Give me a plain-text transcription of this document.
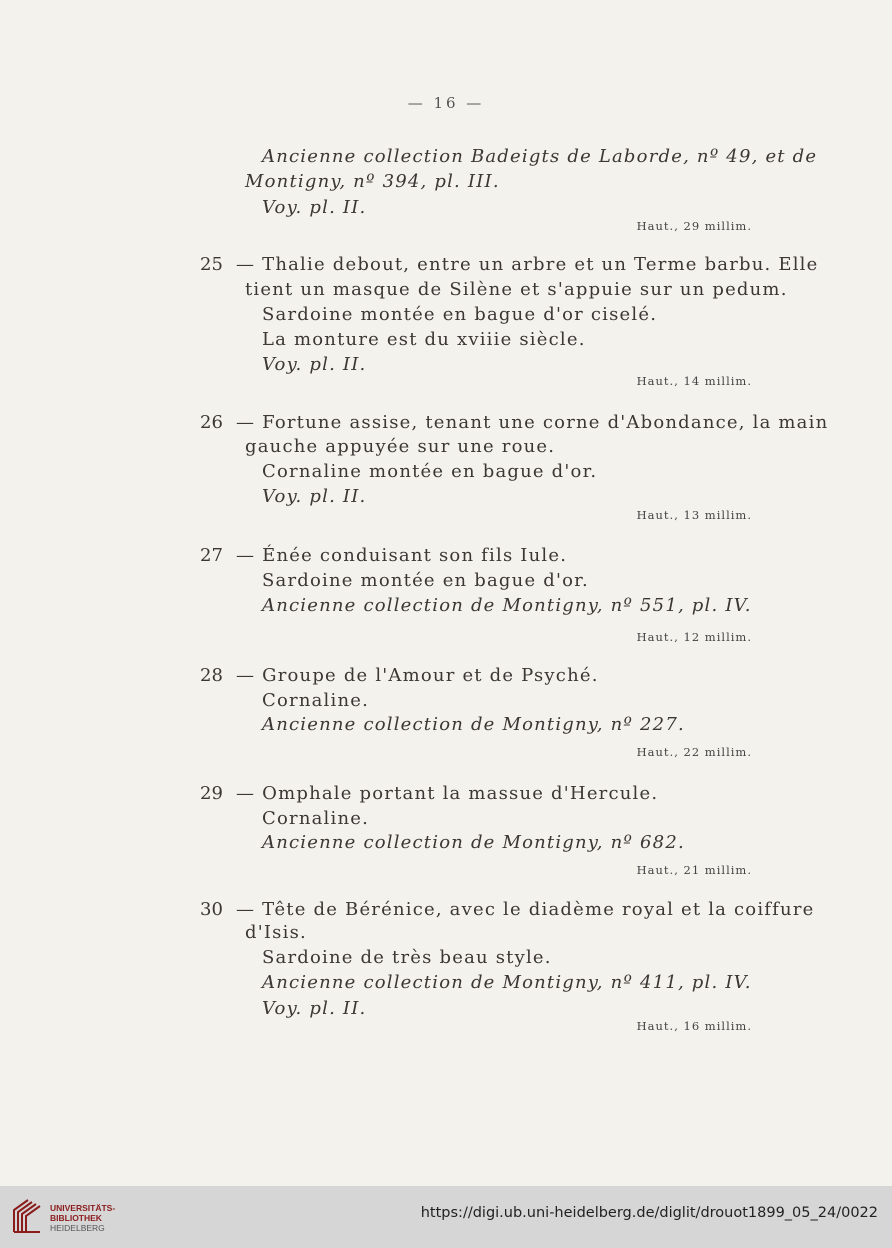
— 16 —
Ancienne collection Badeigts de Laborde, nº 49, et de
Montigny, nº 394, pl. III.
Voy. pl. II.
Haut., 29 millim.
25 — Thalie debout, entre un arbre et un Terme barbu. Elle
tient un masque de Silène et s'appuie sur un pedum.
Sardoine montée en bague d'or ciselé.
La monture est du xviiie siècle.
Voy. pl. II.
Haut., 14 millim.
26 — Fortune assise, tenant une corne d'Abondance, la main
gauche appuyée sur une roue.
Cornaline montée en bague d'or.
Voy. pl. II.
Haut., 13 millim.
27 — Énée conduisant son fils Iule.
Sardoine montée en bague d'or.
Ancienne collection de Montigny, nº 551, pl. IV.
Haut., 12 millim.
28 — Groupe de l'Amour et de Psyché.
Cornaline.
Ancienne collection de Montigny, nº 227.
Haut., 22 millim.
29 — Omphale portant la massue d'Hercule.
Cornaline.
Ancienne collection de Montigny, nº 682.
Haut., 21 millim.
30 — Tête de Bérénice, avec le diadème royal et la coiffure
d'Isis.
Sardoine de très beau style.
Ancienne collection de Montigny, nº 411, pl. IV.
Voy. pl. II.
Haut., 16 millim.
UNIVERSITÄTS-
BIBLIOTHEK
HEIDELBERG
https://digi.ub.uni-heidelberg.de/diglit/drouot1899_05_24/0022
